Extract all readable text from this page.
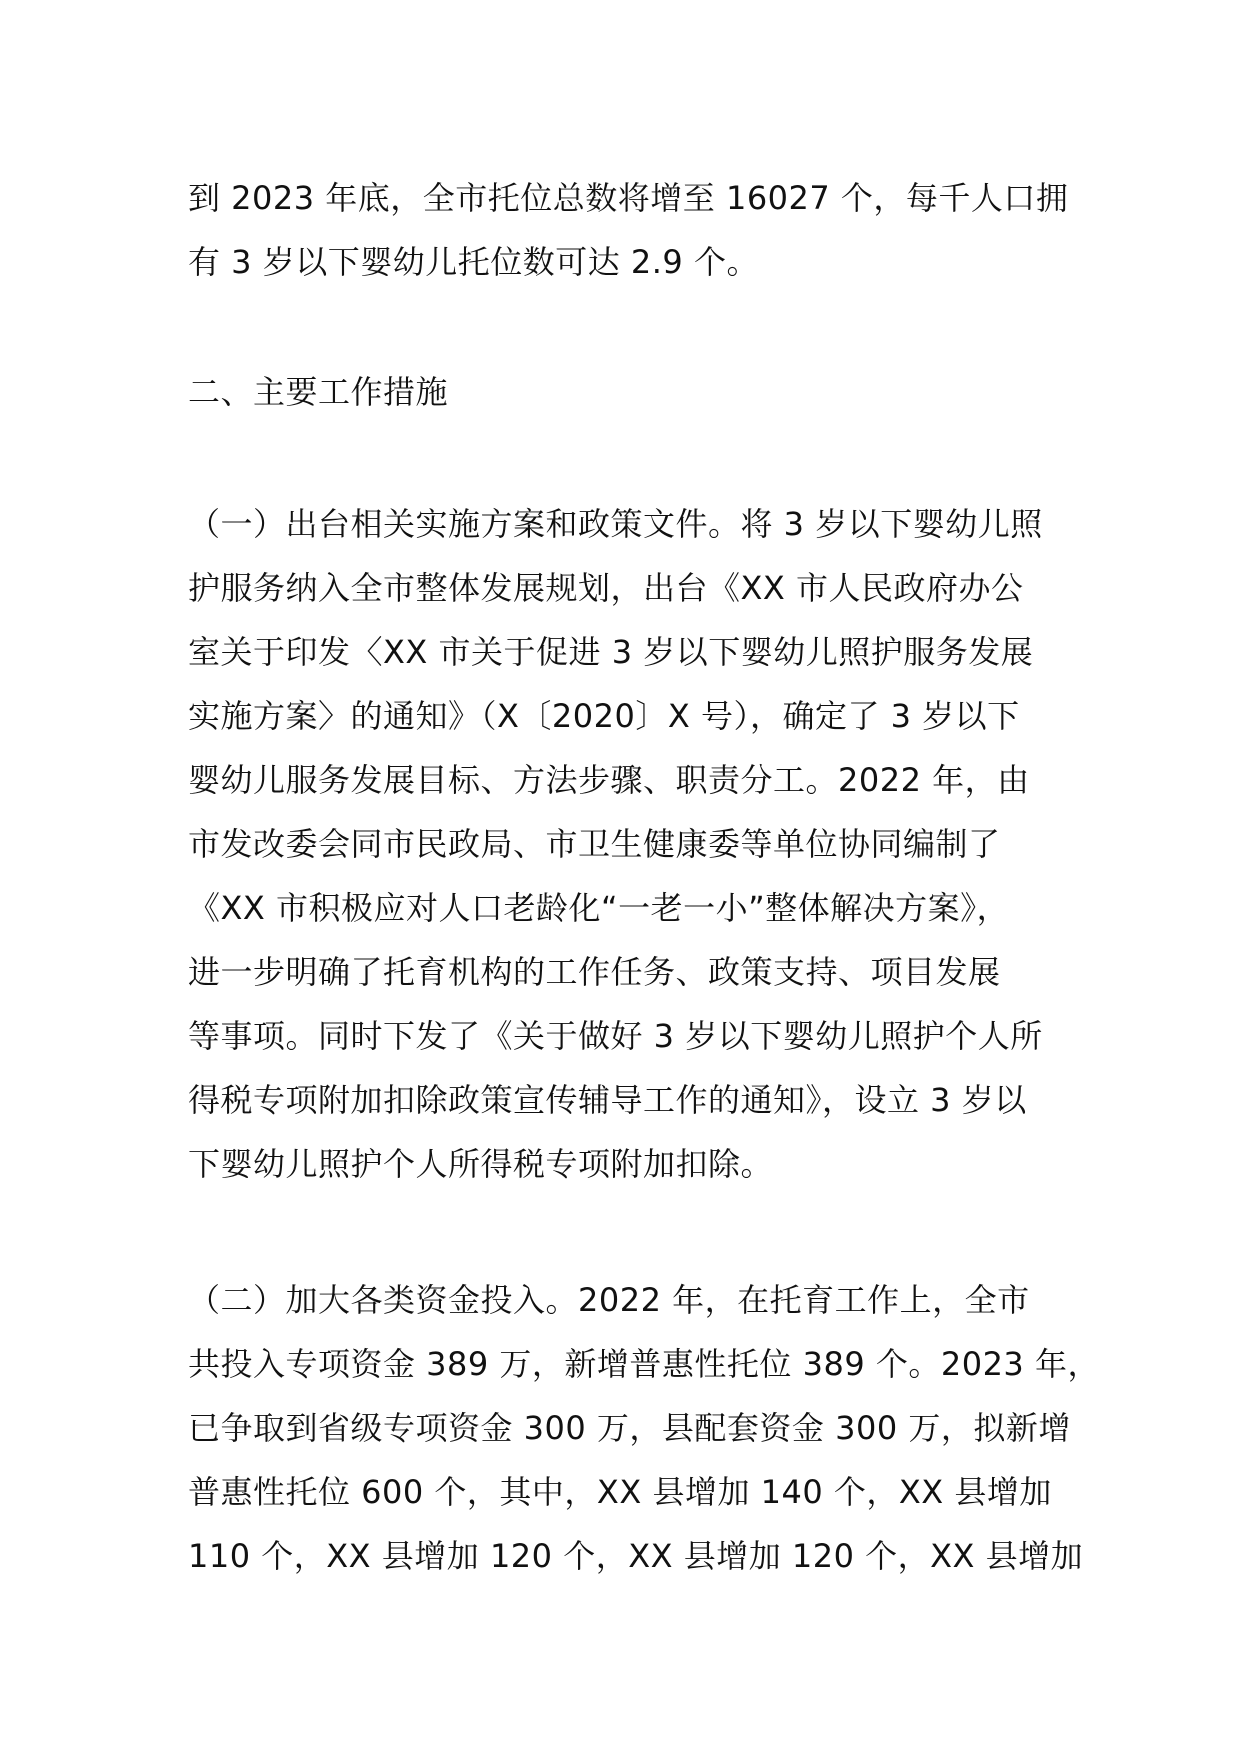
到 2023 年底，全市托位总数将增至 16027 个，每千人口拥
有 3 岁以下婴幼儿托位数可达 2.9 个。
二、主要工作措施
（一）出台相关实施方案和政策文件。将 3 岁以下婴幼儿照
护服务纳入全市整体发展规划，出台《XX 市人民政府办公
室关于印发〈XX 市关于促进 3 岁以下婴幼儿照护服务发展
实施方案〉的通知》（X〔2020〕X 号），确定了 3 岁以下
婴幼儿服务发展目标、方法步骤、职责分工。2022 年，由
市发改委会同市民政局、市卫生健康委等单位协同编制了
《XX 市积极应对人口老龄化“一老一小”整体解决方案》，
进一步明确了托育机构的工作任务、政策支持、项目发展
等事项。同时下发了《关于做好 3 岁以下婴幼儿照护个人所
得税专项附加扣除政策宣传辅导工作的通知》，设立 3 岁以
下婴幼儿照护个人所得税专项附加扣除。
（二）加大各类资金投入。2022 年，在托育工作上，全市
共投入专项资金 389 万，新增普惠性托位 389 个。2023 年，
已争取到省级专项资金 300 万，县配套资金 300 万，拟新增
普惠性托位 600 个，其中，XX 县增加 140 个，XX 县增加
110 个，XX 县增加 120 个，XX 县增加 120 个，XX 县增加
